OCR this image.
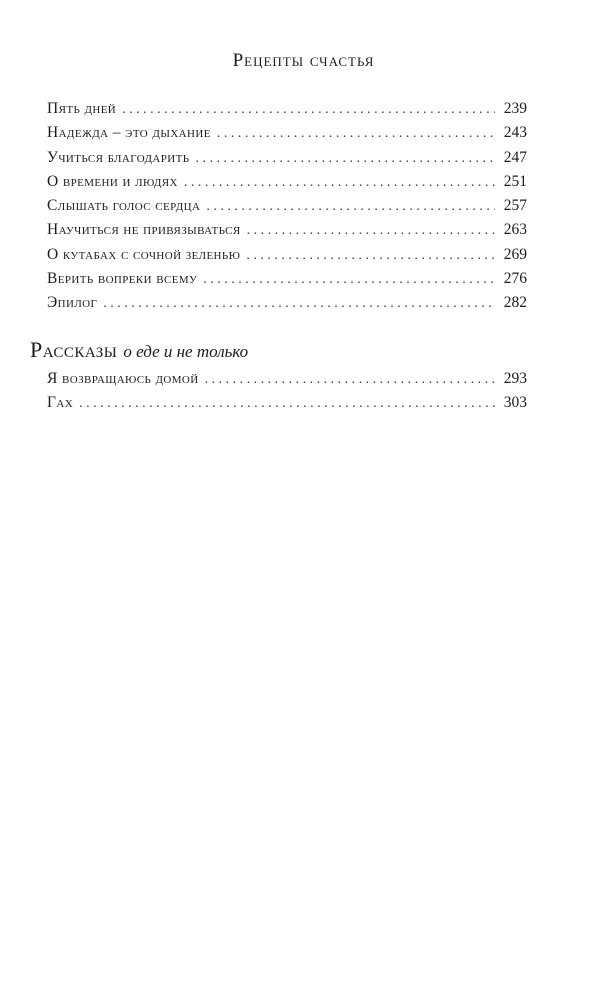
Рецепты счастья
Пять дней . . .	239
Надежда – это дыхание . . .	243
Учиться благодарить . . .	247
О времени и людях . . .	251
Слышать голос сердца . . .	257
Научиться не привязываться . . .	263
О кутабах с сочной зеленью . . .	269
Верить вопреки всему . . .	276
Эпилог . . .	282
Рассказы о еде и не только
Я возвращаюсь домой . . .	293
Гах . . .	303
